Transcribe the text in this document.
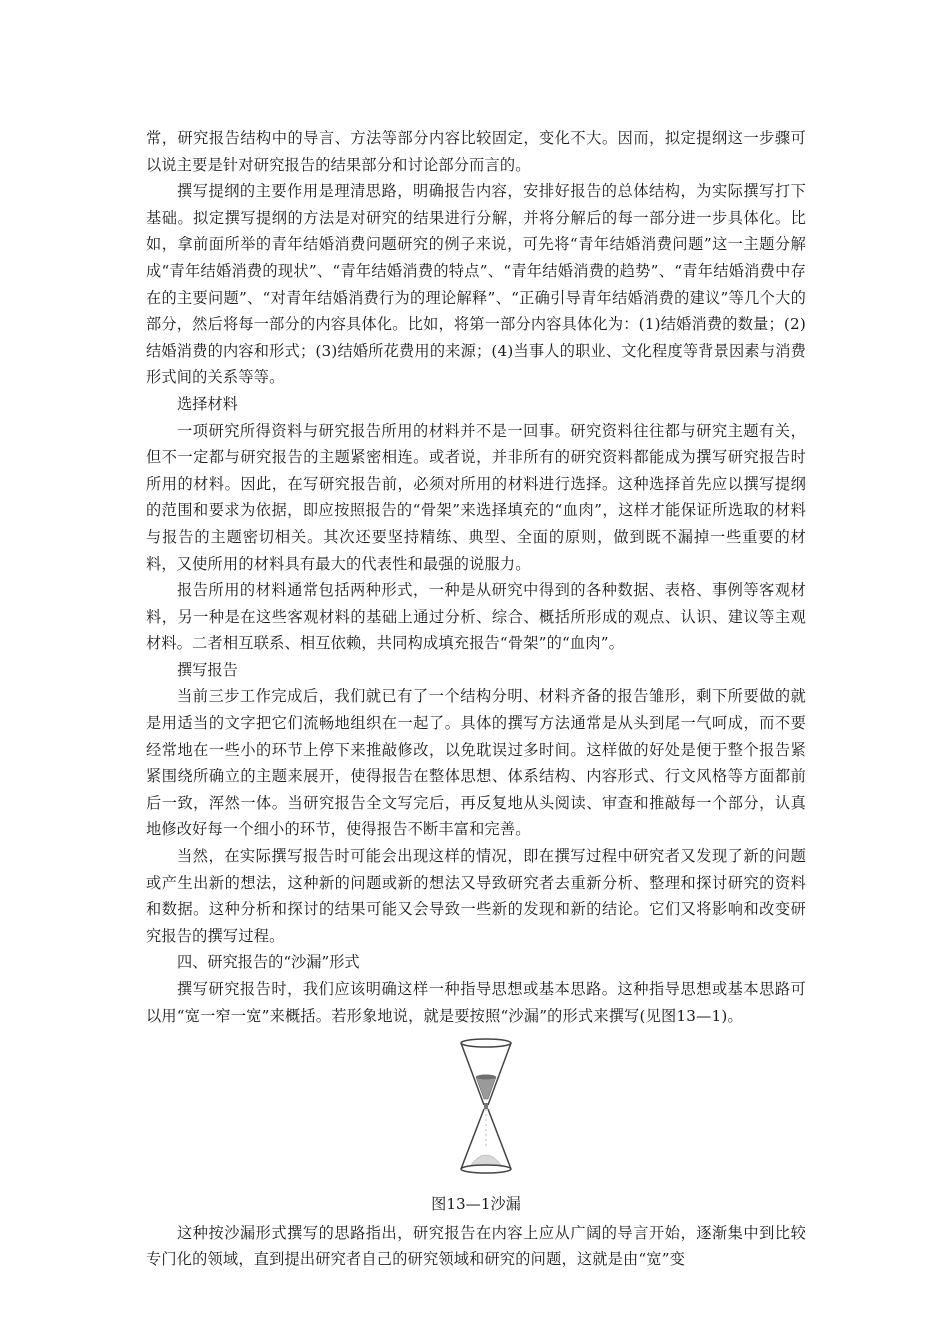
常，研究报告结构中的导言、方法等部分内容比较固定，变化不大。因而，拟定提纲这一步骤可以说主要是针对研究报告的结果部分和讨论部分而言的。

撰写提纲的主要作用是理清思路，明确报告内容，安排好报告的总体结构，为实际撰写打下基础。拟定撰写提纲的方法是对研究的结果进行分解，并将分解后的每一部分进一步具体化。比如，拿前面所举的青年结婚消费问题研究的例子来说，可先将“青年结婚消费问题”这一主题分解成“青年结婚消费的现状”、“青年结婚消费的特点”、“青年结婚消费的趋势”、“青年结婚消费中存在的主要问题”、“对青年结婚消费行为的理论解释”、“正确引导青年结婚消费的建议”等几个大的部分，然后将每一部分的内容具体化。比如，将第一部分内容具体化为：(1)结婚消费的数量；(2)结婚消费的内容和形式；(3)结婚所花费用的来源；(4)当事人的职业、文化程度等背景因素与消费形式间的关系等等。

选择材料

一项研究所得资料与研究报告所用的材料并不是一回事。研究资料往往都与研究主题有关，但不一定都与研究报告的主题紧密相连。或者说，并非所有的研究资料都能成为撰写研究报告时所用的材料。因此，在写研究报告前，必须对所用的材料进行选择。这种选择首先应以撰写提纲的范围和要求为依据，即应按照报告的“骨架”来选择填充的“血肉”，这样才能保证所选取的材料与报告的主题密切相关。其次还要坚持精练、典型、全面的原则，做到既不漏掉一些重要的材料，又使所用的材料具有最大的代表性和最强的说服力。

报告所用的材料通常包括两种形式，一种是从研究中得到的各种数据、表格、事例等客观材料，另一种是在这些客观材料的基础上通过分析、综合、概括所形成的观点、认识、建议等主观材料。二者相互联系、相互依赖，共同构成填充报告“骨架”的“血肉”。

撰写报告

当前三步工作完成后，我们就已有了一个结构分明、材料齐备的报告雏形，剩下所要做的就是用适当的文字把它们流畅地组织在一起了。具体的撰写方法通常是从头到尾一气呵成，而不要经常地在一些小的环节上停下来推敲修改，以免耽误过多时间。这样做的好处是便于整个报告紧紧围绕所确立的主题来展开，使得报告在整体思想、体系结构、内容形式、行文风格等方面都前后一致，浑然一体。当研究报告全文写完后，再反复地从头阅读、审查和推敲每一个部分，认真地修改好每一个细小的环节，使得报告不断丰富和完善。

当然，在实际撰写报告时可能会出现这样的情况，即在撰写过程中研究者又发现了新的问题或产生出新的想法，这种新的问题或新的想法又导致研究者去重新分析、整理和探讨研究的资料和数据。这种分析和探讨的结果可能又会导致一些新的发现和新的结论。它们又将影响和改变研究报告的撰写过程。

四、研究报告的“沙漏”形式

撰写研究报告时，我们应该明确这样一种指导思想或基本思路。这种指导思想或基本思路可以用“宽一窄一宽”来概括。若形象地说，就是要按照“沙漏”的形式来撰写(见图13—1)。

图13—1沙漏

这种按沙漏形式撰写的思路指出，研究报告在内容上应从广阔的导言开始，逐渐集中到比较专门化的领域，直到提出研究者自己的研究领域和研究的问题，这就是由“宽”变
